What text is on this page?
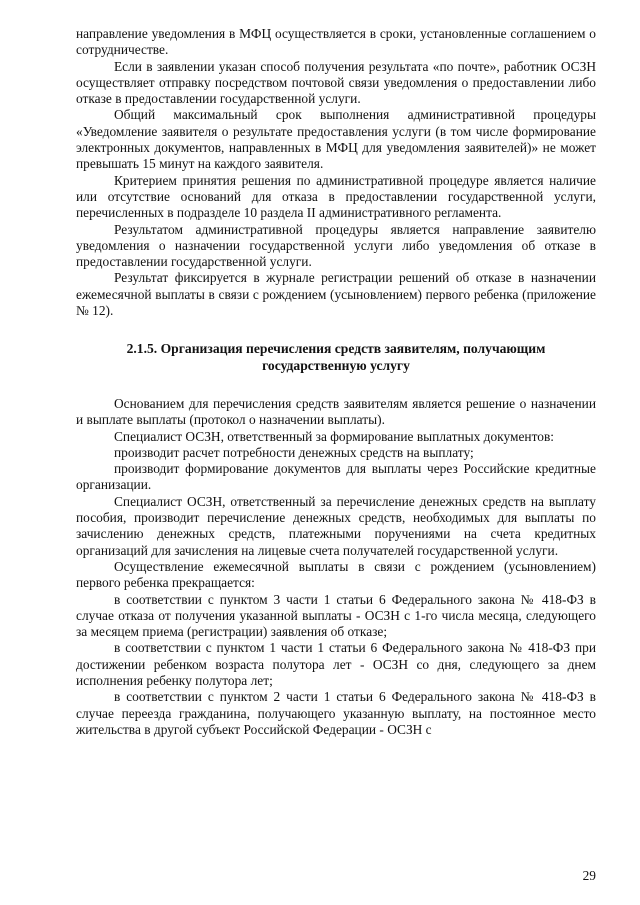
направление уведомления в МФЦ осуществляется в сроки, установленные соглашением о сотрудничестве.

Если в заявлении указан способ получения результата «по почте», работник ОСЗН осуществляет отправку посредством почтовой связи уведомления о предоставлении либо отказе в предоставлении государственной услуги.

Общий максимальный срок выполнения административной процедуры «Уведомление заявителя о результате предоставления услуги (в том числе формирование электронных документов, направленных в МФЦ для уведомления заявителей)» не может превышать 15 минут на каждого заявителя.

Критерием принятия решения по административной процедуре является наличие или отсутствие оснований для отказа в предоставлении государственной услуги, перечисленных в подразделе 10 раздела II административного регламента.

Результатом административной процедуры является направление заявителю уведомления о назначении государственной услуги либо уведомления об отказе в предоставлении государственной услуги.

Результат фиксируется в журнале регистрации решений об отказе в назначении ежемесячной выплаты в связи с рождением (усыновлением) первого ребенка (приложение № 12).

2.1.5. Организация перечисления средств заявителям, получающим
государственную услугу

Основанием для перечисления средств заявителям является решение о назначении и выплате выплаты (протокол о назначении выплаты).

Специалист ОСЗН, ответственный за формирование выплатных документов:

производит расчет потребности денежных средств на выплату;

производит формирование документов для выплаты через Российские кредитные организации.

Специалист ОСЗН, ответственный за перечисление денежных средств на выплату пособия, производит перечисление денежных средств, необходимых для выплаты по зачислению денежных средств, платежными поручениями на счета кредитных организаций для зачисления на лицевые счета получателей государственной услуги.

Осуществление ежемесячной выплаты в связи с рождением (усыновлением) первого ребенка прекращается:

в соответствии с пунктом 3 части 1 статьи 6 Федерального закона № 418-ФЗ в случае отказа от получения указанной выплаты - ОСЗН с 1-го числа месяца, следующего за месяцем приема (регистрации) заявления об отказе;

в соответствии с пунктом 1 части 1 статьи 6 Федерального закона № 418-ФЗ при достижении ребенком возраста полутора лет - ОСЗН со дня, следующего за днем исполнения ребенку полутора лет;

в соответствии с пунктом 2 части 1 статьи 6 Федерального закона № 418-ФЗ в случае переезда гражданина, получающего указанную выплату, на постоянное место жительства в другой субъект Российской Федерации - ОСЗН с

29
